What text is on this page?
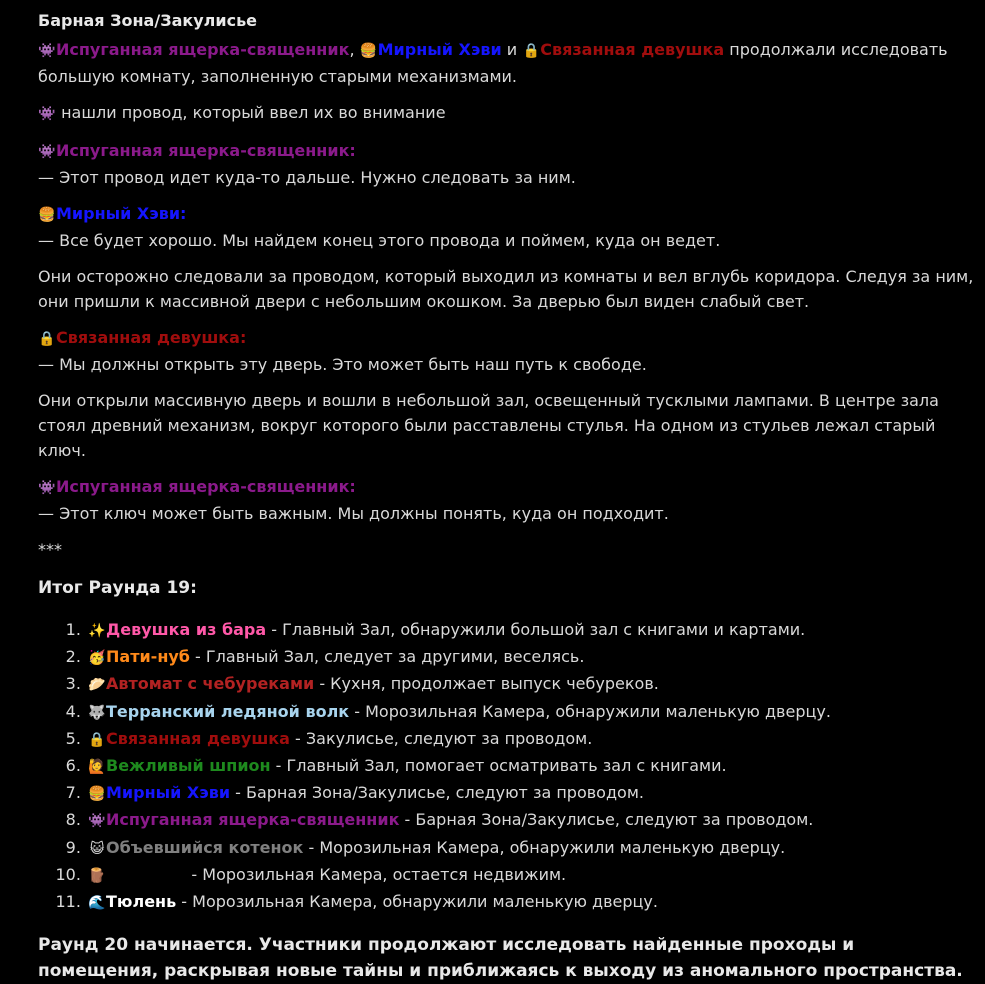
Барная Зона/Закулисье

👾Испуганная ящерка-священник, 🍔Мирный Хэви и 🔒Связанная девушка продолжали исследовать
большую комнату, заполненную старыми механизмами.

👾 нашли провод, который ввел их во внимание

👾Испуганная ящерка-священник:
— Этот провод идет куда-то дальше. Нужно следовать за ним.

🍔Мирный Хэви:
— Все будет хорошо. Мы найдем конец этого провода и поймем, куда он ведет.

Они осторожно следовали за проводом, который выходил из комнаты и вел вглубь коридора. Следуя за ним,
они пришли к массивной двери с небольшим окошком. За дверью был виден слабый свет.

🔒Связанная девушка:
— Мы должны открыть эту дверь. Это может быть наш путь к свободе.

Они открыли массивную дверь и вошли в небольшой зал, освещенный тусклыми лампами. В центре зала
стоял древний механизм, вокруг которого были расставлены стулья. На одном из стульев лежал старый ключ.

👾Испуганная ящерка-священник:
— Этот ключ может быть важным. Мы должны понять, куда он подходит.

***
Итог Раунда 19:
1. ✨Девушка из бара - Главный Зал, обнаружили большой зал с книгами и картами.
2. 🥳Пати-нуб - Главный Зал, следует за другими, веселясь.
3. 🥟Автомат с чебуреками - Кухня, продолжает выпуск чебуреков.
4. 🐺Терранский ледяной волк - Морозильная Камера, обнаружили маленькую дверцу.
5. 🔒Связанная девушка - Закулисье, следуют за проводом.
6. 🙋Вежливый шпион - Главный Зал, помогает осматривать зал с книгами.
7. 🍔Мирный Хэви - Барная Зона/Закулисье, следуют за проводом.
8. 👾Испуганная ящерка-священник - Барная Зона/Закулисье, следуют за проводом.
9. 😺 Объевшийся котенок - Морозильная Камера, обнаружили маленькую дверцу.
10. 🪵Мертвец - Морозильная Камера, остается недвижим.
11. 🌊Тюлень - Морозильная Камера, обнаружили маленькую дверцу.
Раунд 20 начинается. Участники продолжают исследовать найденные проходы и
помещения, раскрывая новые тайны и приближаясь к выходу из аномального пространства.
